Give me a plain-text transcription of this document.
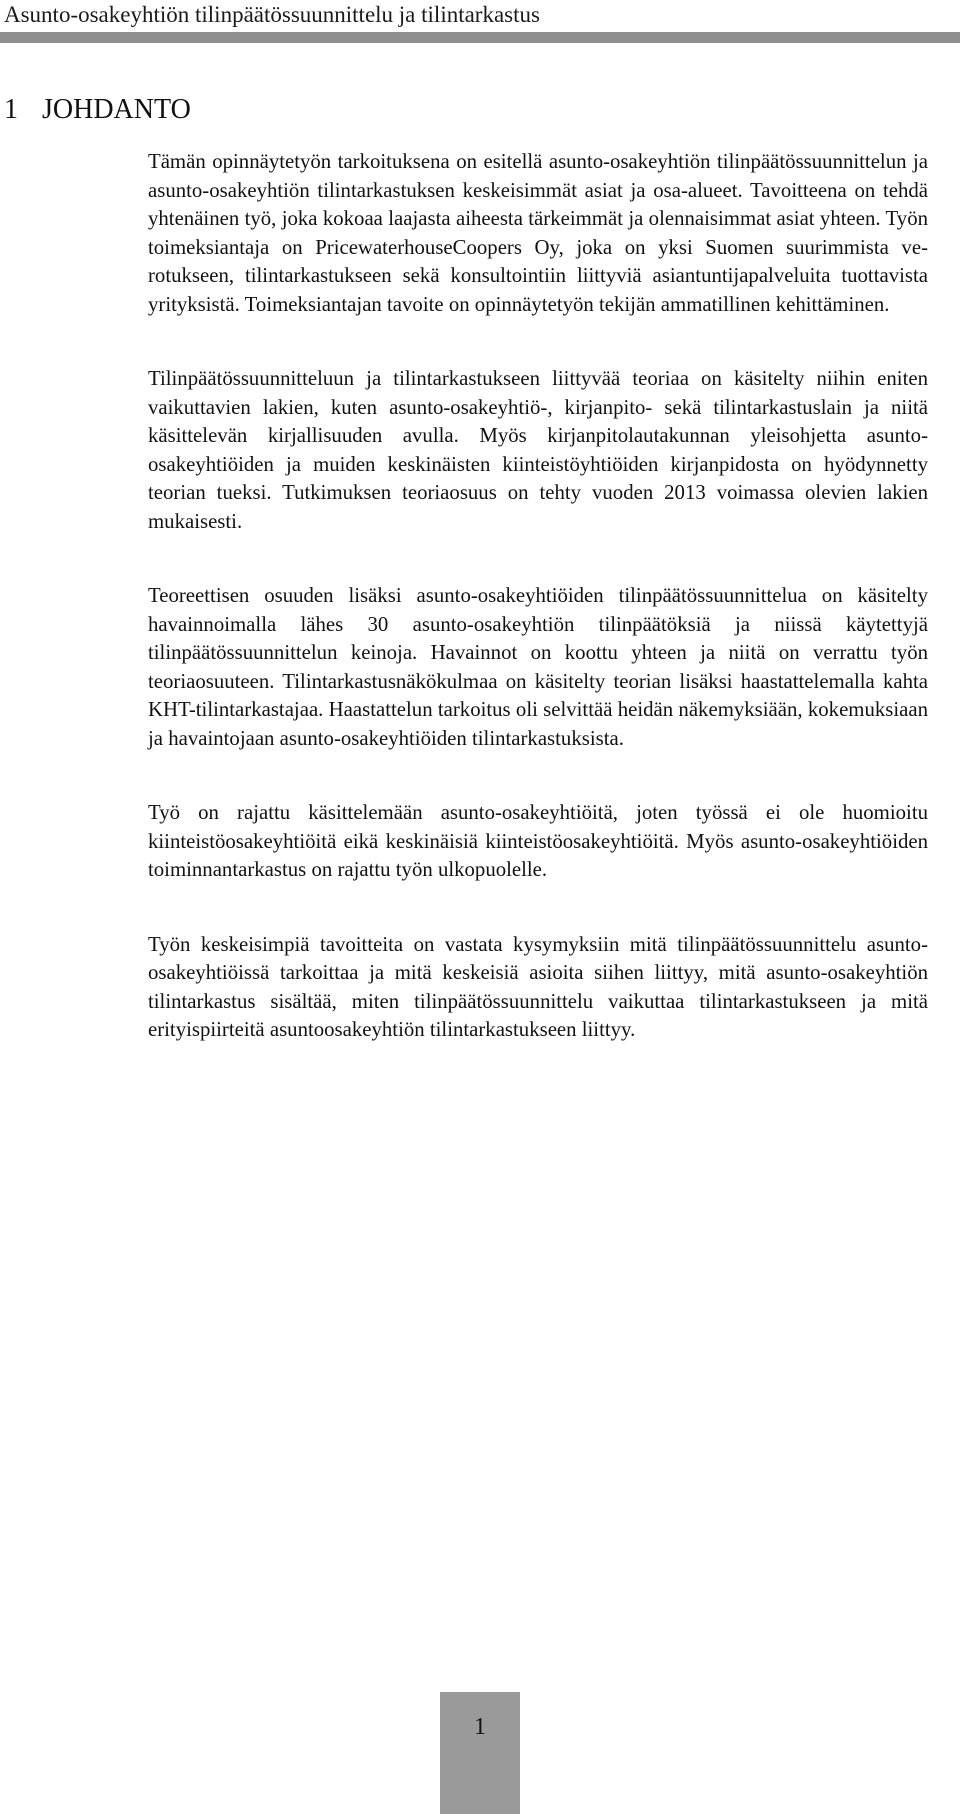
Asunto-osakeyhtiön tilinpäätössuunnittelu ja tilintarkastus
1 JOHDANTO

Tämän opinnäytetyön tarkoituksena on esitellä asunto-osakeyhtiön tilinpäätössuunnittelun ja asunto-osakeyhtiön tilintarkastuksen keskeisimmät asiat ja osa-alueet. Tavoitteena on tehdä yhtenäinen työ, joka kokoaa laajasta aiheesta tärkeimmät ja olennaisimmat asiat yhteen. Työn toimeksiantaja on PricewaterhouseCoopers Oy, joka on yksi Suomen suurimmista verotukseen, tilintarkastukseen sekä konsultointiin liittyviä asiantuntijapalveluita tuottavista yrityksistä. Toimeksiantajan tavoite on opinnäytetyön tekijän ammatillinen kehittäminen.

Tilinpäätössuunnitteluun ja tilintarkastukseen liittyvää teoriaa on käsitelty niihin eniten vaikuttavien lakien, kuten asunto-osakeyhtiö-, kirjanpito- sekä tilintarkastuslain ja niitä käsittelevän kirjallisuuden avulla. Myös kirjanpitolautakunnan yleisohjetta asunto-osakeyhtiöiden ja muiden keskinäisten kiinteistöyhtiöiden kirjanpidosta on hyödynnetty teorian tueksi. Tutkimuksen teoriaosuus on tehty vuoden 2013 voimassa olevien lakien mukaisesti.

Teoreettisen osuuden lisäksi asunto-osakeyhtiöiden tilinpäätössuunnittelua on käsitelty havainnoimalla lähes 30 asunto-osakeyhtiön tilinpäätöksiä ja niissä käytettyjä tilinpäätössuunnittelun keinoja. Havainnot on koottu yhteen ja niitä on verrattu työn teoriaosuuteen. Tilintarkastusnäkökulmaa on käsitelty teorian lisäksi haastattelemalla kahta KHT-tilintarkastajaa. Haastattelun tarkoitus oli selvittää heidän näkemyksiään, kokemuksiaan ja havaintojaan asunto-osakeyhtiöiden tilintarkastuksista.

Työ on rajattu käsittelemään asunto-osakeyhtiöitä, joten työssä ei ole huomioitu kiinteistöosakeyhtiöitä eikä keskinäisiä kiinteistöosakeyhtiöitä. Myös asunto-osakeyhtiöiden toiminnantarkastus on rajattu työn ulkopuolelle.

Työn keskeisimpiä tavoitteita on vastata kysymyksiin mitä tilinpäätössuunnittelu asunto-osakeyhtiöissä tarkoittaa ja mitä keskeisiä asioita siihen liittyy, mitä asunto-osakeyhtiön tilintarkastus sisältää, miten tilinpäätössuunnittelu vaikuttaa tilintarkastukseen ja mitä erityispiirteitä asuntoosakeyhtiön tilintarkastukseen liittyy.

1
